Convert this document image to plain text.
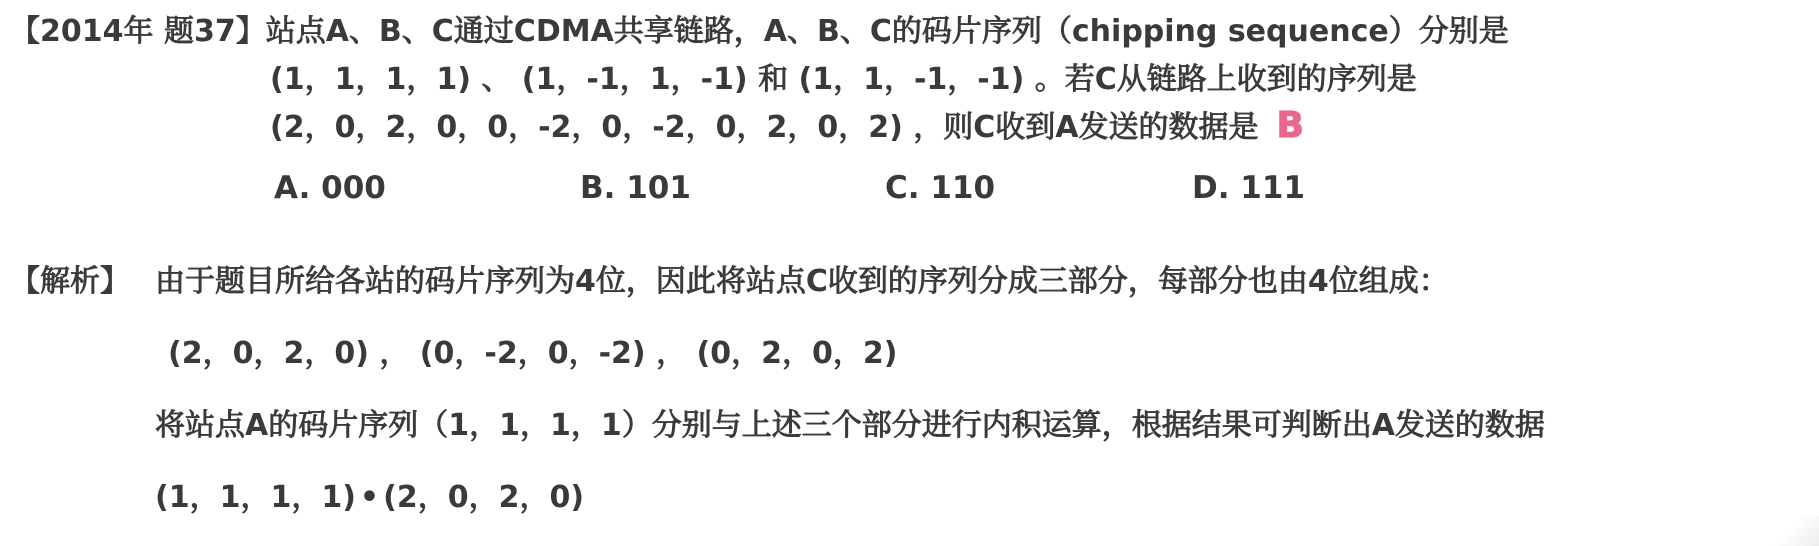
【2014年 题37】站点A、B、C通过CDMA共享链路，A、B、C的码片序列（chipping sequence）分别是
(1，1，1，1) 、 (1，-1，1，-1) 和 (1，1，-1，-1) 。若C从链路上收到的序列是
(2，0，2，0，0，-2，0，-2，0，2，0，2) ，则C收到A发送的数据是 B
A. 000	B. 101	C. 110	D. 111
【解析】 由于题目所给各站的码片序列为4位，因此将站点C收到的序列分成三部分，每部分也由4位组成：
(2，0，2，0) ， (0，-2，0，-2) ， (0，2，0，2)
将站点A的码片序列（1，1，1，1）分别与上述三个部分进行内积运算，根据结果可判断出A发送的数据
(1，1，1，1) • (2，0，2，0)
